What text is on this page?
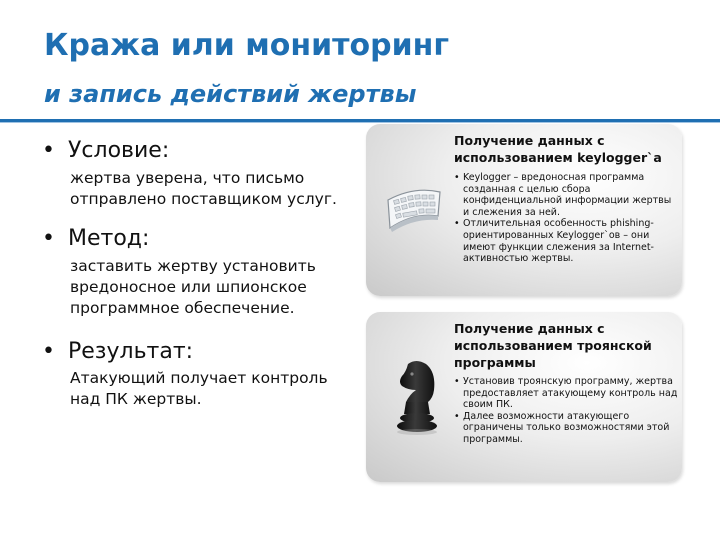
Кража или мониторинг
и запись действий жертвы
• Условие:
жертва уверена, что письмо отправлено поставщиком услуг.
• Метод:
заставить жертву установить вредоносное или шпионское программное обеспечение.
• Результат:
Атакующий получает контроль над ПК жертвы.
Получение данных с использованием keylogger`а
• Keylogger – вредоносная программа созданная с целью сбора конфиденциальной информации жертвы и слежения за ней.
• Отличительная особенность phishing-ориентированных Keylogger`ов – они имеют функции слежения за Internet-активностью жертвы.
Получение данных с использованием троянской программы
• Установив троянскую программу, жертва предоставляет атакующему контроль над своим ПК.
• Далее возможности атакующего ограничены только возможностями этой программы.
